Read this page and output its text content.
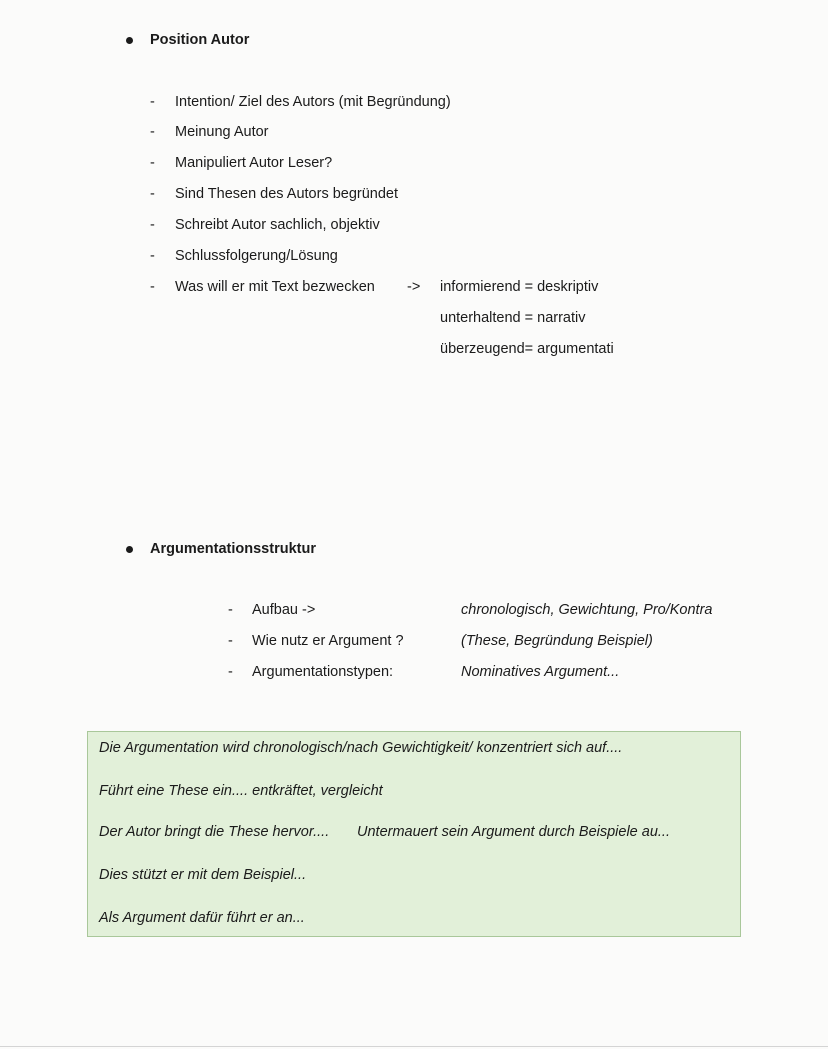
Position Autor
- Intention/ Ziel des Autors (mit Begründung)
- Meinung Autor
- Manipuliert Autor Leser?
- Sind Thesen des Autors begründet
- Schreibt Autor sachlich, objektiv
- Schlussfolgerung/Lösung
- Was will er mit Text bezwecken -> informierend = deskriptiv
unterhaltend = narrativ
überzeugend= argumentati
Argumentationsstruktur
- Aufbau ->	chronologisch, Gewichtung, Pro/Kontra
- Wie nutz er Argument ?	(These, Begründung Beispiel)
- Argumentationstypen:	Nominatives Argument...
Die Argumentation wird chronologisch/nach Gewichtigkeit/ konzentriert sich auf....
Führt eine These ein.... entkräftet, vergleicht
Der Autor bringt die These hervor.... Untermauert sein Argument durch Beispiele au...
Dies stützt er mit dem Beispiel...
Als Argument dafür führt er an...
